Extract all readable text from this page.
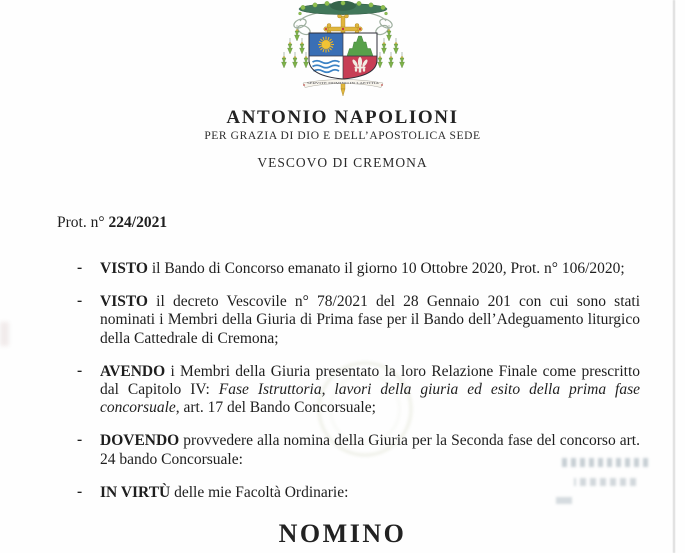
SERVITE DOMINO IN LAETITIA
ANTONIO NAPOLIONI
PER GRAZIA DI DIO E DELL’APOSTOLICA SEDE
VESCOVO DI CREMONA
Prot. n° 224/2021
- VISTO il Bando di Concorso emanato il giorno 10 Ottobre 2020, Prot. n° 106/2020;
- VISTO il decreto Vescovile n° 78/2021 del 28 Gennaio 201 con cui sono stati nominati i Membri della Giuria di Prima fase per il Bando dell’Adeguamento liturgico della Cattedrale di Cremona;
- AVENDO i Membri della Giuria presentato la loro Relazione Finale come prescritto dal Capitolo IV: Fase Istruttoria, lavori della giuria ed esito della prima fase concorsuale, art. 17 del Bando Concorsuale;
- DOVENDO provvedere alla nomina della Giuria per la Seconda fase del concorso art. 24 bando Concorsuale:
- IN VIRTÙ delle mie Facoltà Ordinarie:
NOMINO
